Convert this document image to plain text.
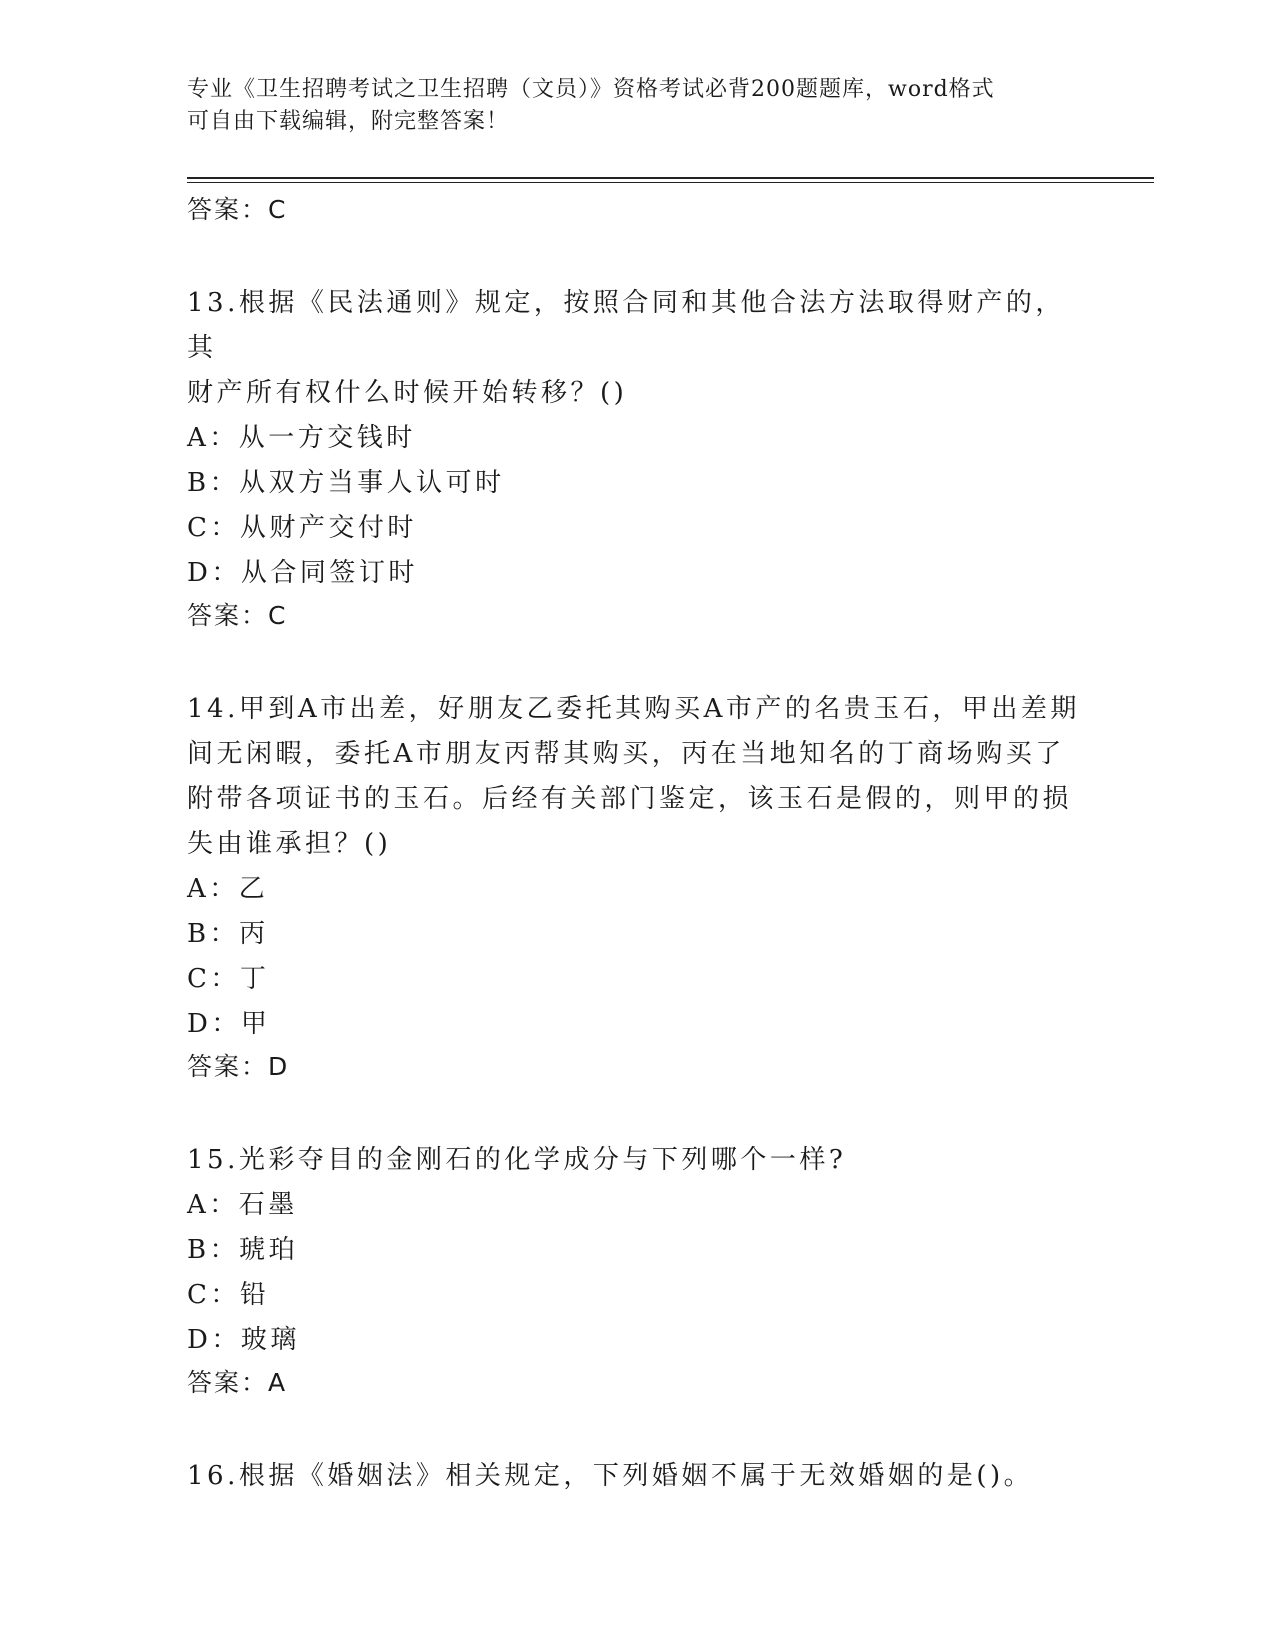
专业《卫生招聘考试之卫生招聘（文员）》资格考试必背200题题库，word格式
可自由下载编辑，附完整答案！
答案：C
13.根据《民法通则》规定，按照合同和其他合法方法取得财产的，其
财产所有权什么时候开始转移？()
A：从一方交钱时
B：从双方当事人认可时
C：从财产交付时
D：从合同签订时
答案：C
14.甲到A市出差，好朋友乙委托其购买A市产的名贵玉石，甲出差期
间无闲暇，委托A市朋友丙帮其购买，丙在当地知名的丁商场购买了
附带各项证书的玉石。后经有关部门鉴定，该玉石是假的，则甲的损
失由谁承担？()
A：乙
B：丙
C：丁
D：甲
答案：D
15.光彩夺目的金刚石的化学成分与下列哪个一样?
A：石墨
B：琥珀
C：铅
D：玻璃
答案：A
16.根据《婚姻法》相关规定，下列婚姻不属于无效婚姻的是()。
